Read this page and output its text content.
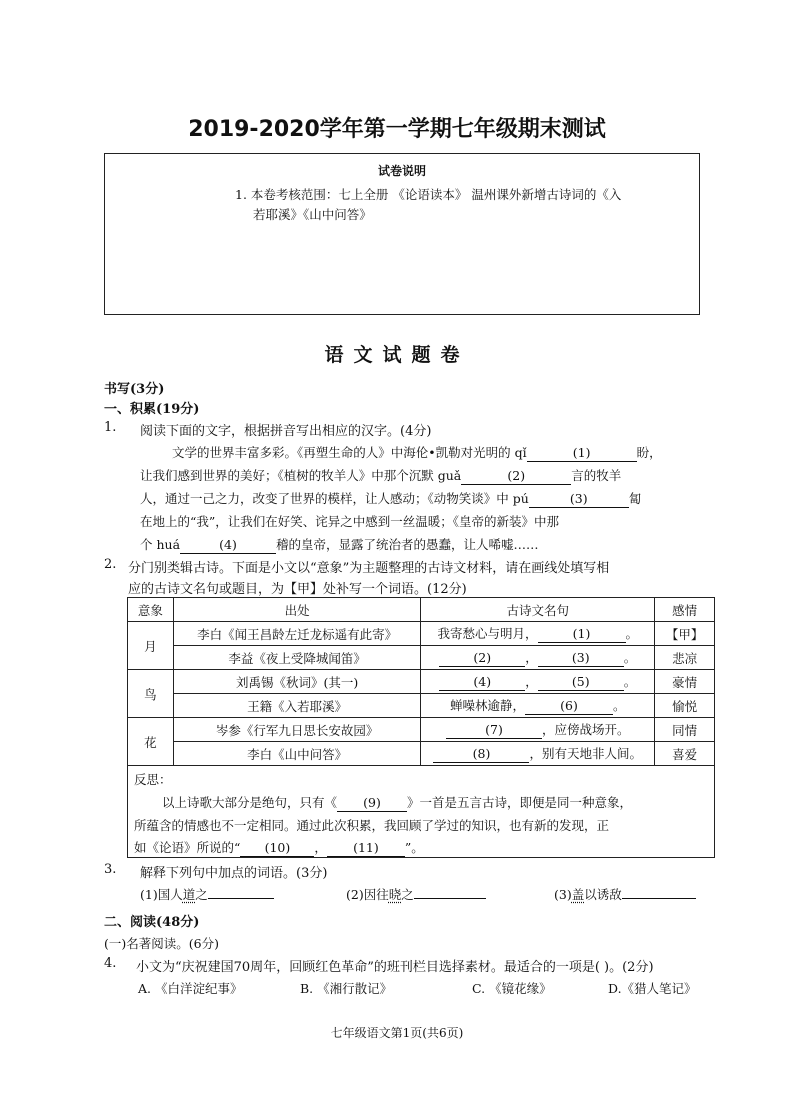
2019-2020学年第一学期七年级期末测试
试卷说明
1. 本卷考核范围：七上全册 《论语读本》 温州课外新增古诗词的《入
若耶溪》《山中问答》
语文试题卷
书写(3分)
一、积累(19分)
1. 阅读下面的文字，根据拼音写出相应的汉字。(4分)
文学的世界丰富多彩。《再塑生命的人》中海伦•凯勒对光明的 qǐ	(1)	盼，
让我们感到世界的美好；《植树的牧羊人》中那个沉默 guǎ	(2)	言的牧羊
人，通过一己之力，改变了世界的模样，让人感动；《动物笑谈》中 pú	(3)	匐
在地上的“我”，让我们在好笑、诧异之中感到一丝温暖；《皇帝的新装》中那
个 huá	(4)	稽的皇帝，显露了统治者的愚蠢，让人唏嘘……
2. 分门别类辑古诗。下面是小文以“意象”为主题整理的古诗文材料，请在画线处填写相
应的古诗文名句或题目，为【甲】处补写一个词语。(12分)
意象	出处	古诗文名句	感情
月	李白《闻王昌龄左迁龙标遥有此寄》	我寄愁心与明月， (1) 。	【甲】
	李益《夜上受降城闻笛》	(2) ， (3) 。	悲凉
鸟	刘禹锡《秋词》(其一)	(4) ， (5) 。	豪情
	王籍《入若耶溪》	蝉噪林逾静， (6) 。	愉悦
花	岑参《行军九日思长安故园》	(7) ，应傍战场开。	同情
	李白《山中问答》	(8) ，别有天地非人间。	喜爱
反思：
以上诗歌大部分是绝句，只有《 (9) 》一首是五言古诗，即便是同一种意象，
所蕴含的情感也不一定相同。通过此次积累，我回顾了学过的知识，也有新的发现，正
如《论语》所说的“ (10) ， (11) ”。
3. 解释下列句中加点的词语。(3分)
(1)国人道之	(2)因往晓之	(3)盖以诱敌
二、阅读(48分)
(一)名著阅读。(6分)
4. 小文为“庆祝建国70周年，回顾红色革命”的班刊栏目选择素材。最适合的一项是( )。(2分)
A. 《白洋淀纪事》	B. 《湘行散记》	C. 《镜花缘》	D.《猎人笔记》
七年级语文第1页(共6页)
